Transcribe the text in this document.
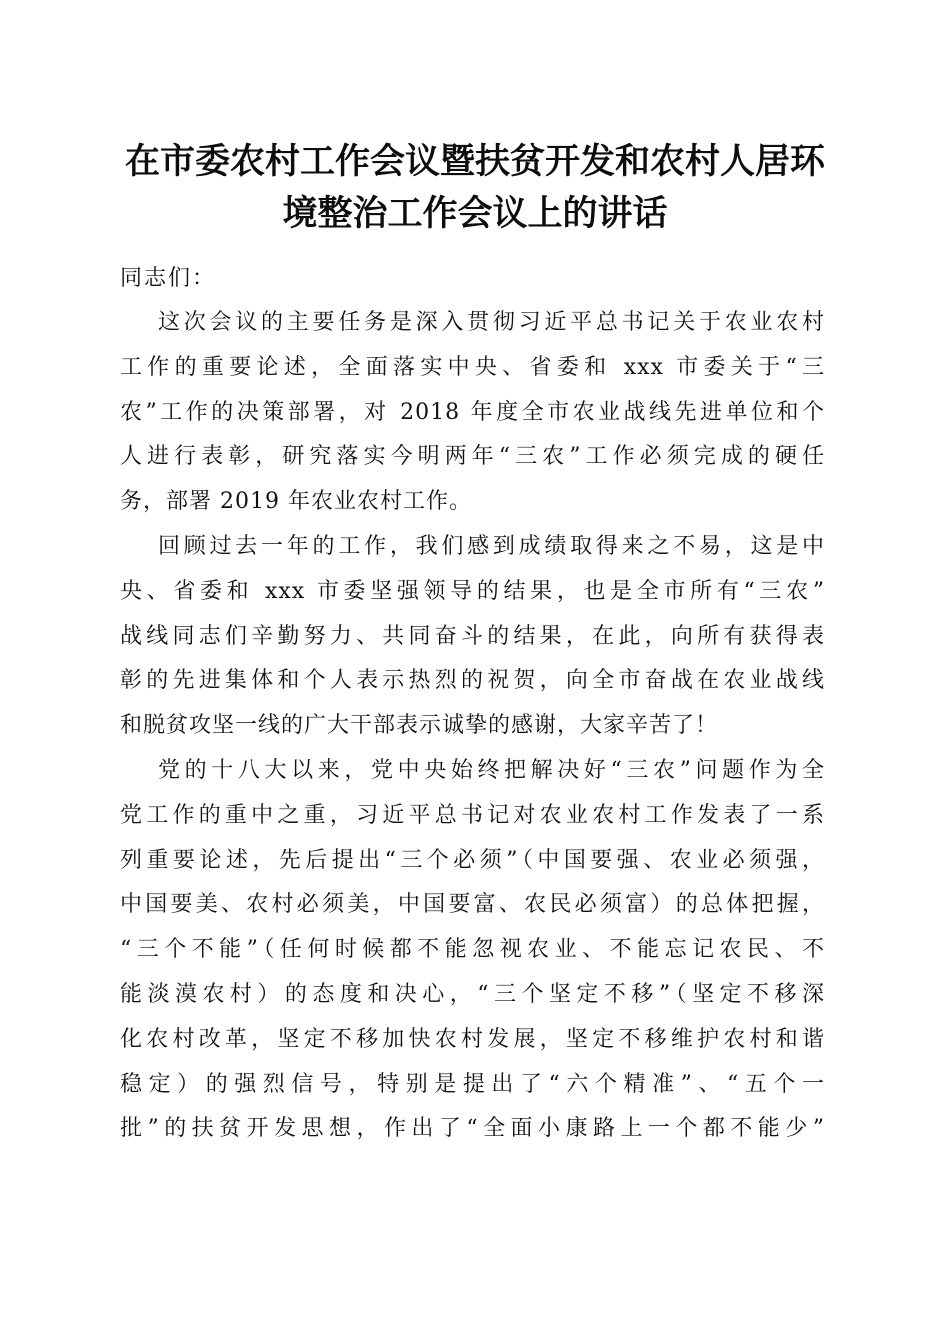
在市委农村工作会议暨扶贫开发和农村人居环
境整治工作会议上的讲话

同志们：

这次会议的主要任务是深入贯彻习近平总书记关于农业农村
工作的重要论述，全面落实中央、省委和 xxx 市委关于“三
农”工作的决策部署，对 2018 年度全市农业战线先进单位和个
人进行表彰，研究落实今明两年“三农”工作必须完成的硬任
务，部署 2019 年农业农村工作。

回顾过去一年的工作，我们感到成绩取得来之不易，这是中
央、省委和 xxx 市委坚强领导的结果，也是全市所有“三农”
战线同志们辛勤努力、共同奋斗的结果，在此，向所有获得表
彰的先进集体和个人表示热烈的祝贺，向全市奋战在农业战线
和脱贫攻坚一线的广大干部表示诚挚的感谢，大家辛苦了！

党的十八大以来，党中央始终把解决好“三农”问题作为全
党工作的重中之重，习近平总书记对农业农村工作发表了一系
列重要论述，先后提出“三个必须”（中国要强、农业必须强，
中国要美、农村必须美，中国要富、农民必须富）的总体把握，
“三个不能”（任何时候都不能忽视农业、不能忘记农民、不
能淡漠农村）的态度和决心，“三个坚定不移”（坚定不移深
化农村改革，坚定不移加快农村发展，坚定不移维护农村和谐
稳定）的强烈信号，特别是提出了“六个精准”、“五个一
批”的扶贫开发思想，作出了“全面小康路上一个都不能少”
